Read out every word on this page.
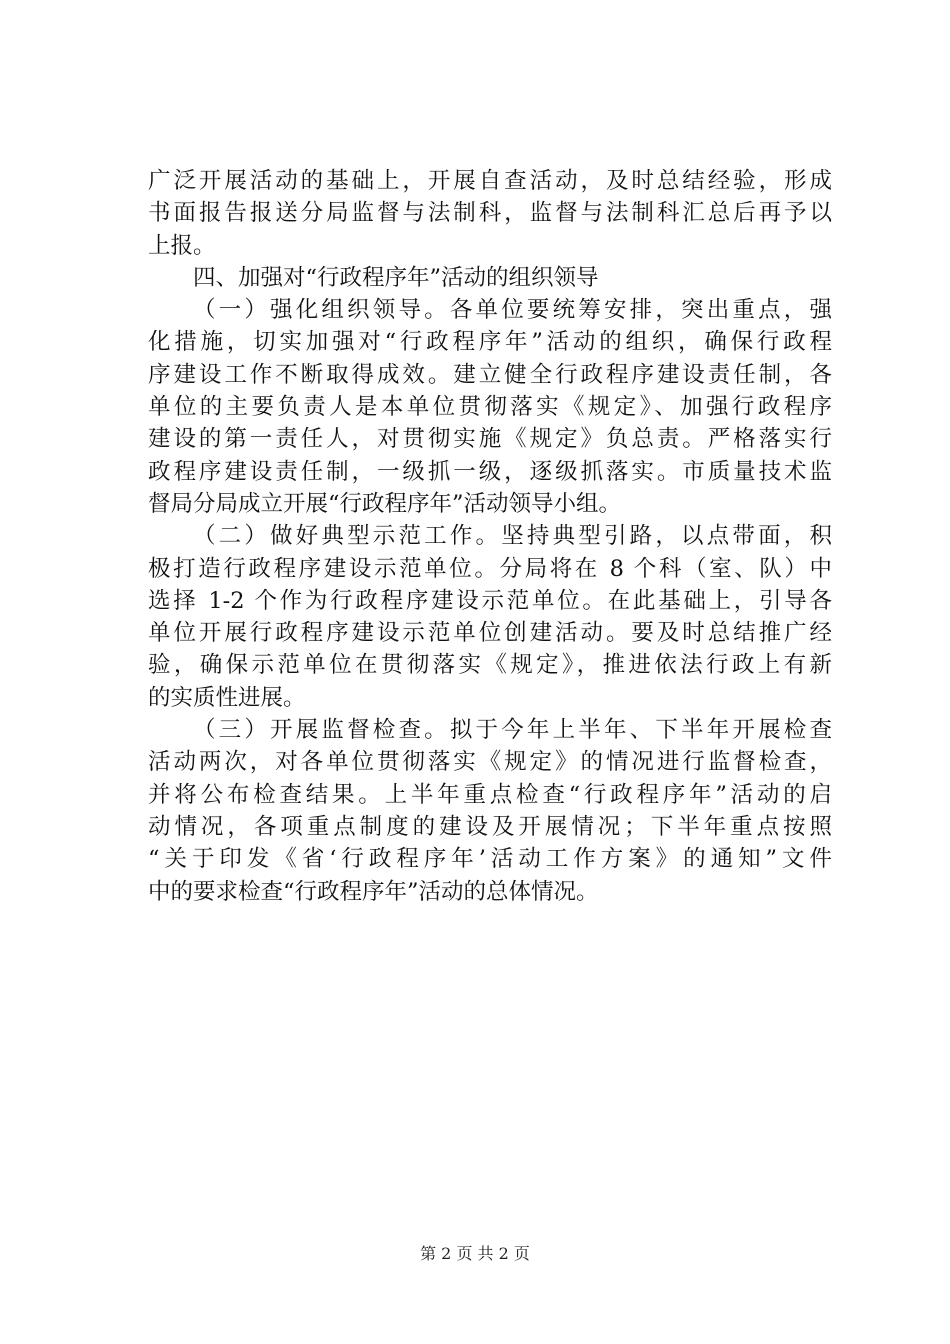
广泛开展活动的基础上，开展自查活动，及时总结经验，形成
书面报告报送分局监督与法制科，监督与法制科汇总后再予以
上报。
四、加强对“行政程序年”活动的组织领导
（一）强化组织领导。各单位要统筹安排，突出重点，强
化措施，切实加强对“行政程序年”活动的组织，确保行政程
序建设工作不断取得成效。建立健全行政程序建设责任制，各
单位的主要负责人是本单位贯彻落实《规定》、加强行政程序
建设的第一责任人，对贯彻实施《规定》负总责。严格落实行
政程序建设责任制，一级抓一级，逐级抓落实。市质量技术监
督局分局成立开展“行政程序年”活动领导小组。
（二）做好典型示范工作。坚持典型引路，以点带面，积
极打造行政程序建设示范单位。分局将在 8 个科（室、队）中
选择 1-2 个作为行政程序建设示范单位。在此基础上，引导各
单位开展行政程序建设示范单位创建活动。要及时总结推广经
验，确保示范单位在贯彻落实《规定》，推进依法行政上有新
的实质性进展。
（三）开展监督检查。拟于今年上半年、下半年开展检查
活动两次，对各单位贯彻落实《规定》的情况进行监督检查，
并将公布检查结果。上半年重点检查“行政程序年”活动的启
动情况，各项重点制度的建设及开展情况；下半年重点按照
“关于印发《省‘行政程序年’活动工作方案》的通知”文件
中的要求检查“行政程序年”活动的总体情况。
第 2 页 共 2 页
